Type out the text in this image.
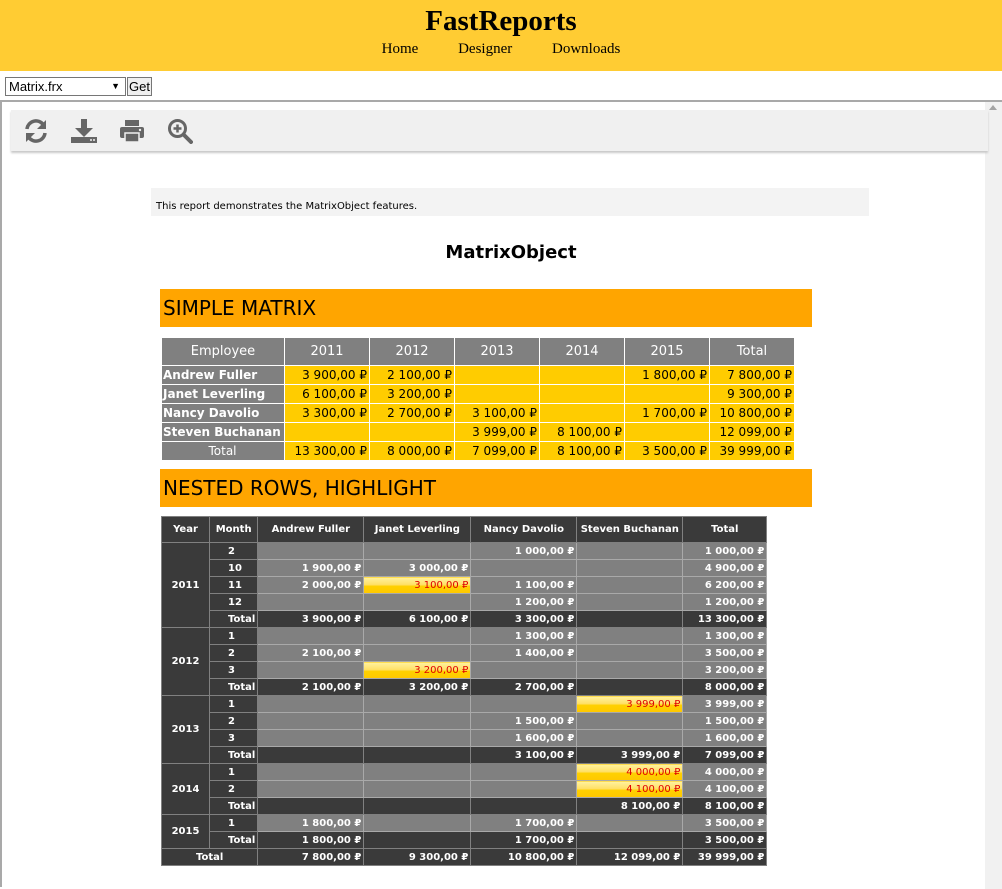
FastReports
Home	Designer	Downloads
Matrix.frx	▼ Get
This report demonstrates the MatrixObject features.
MatrixObject
SIMPLE MATRIX
Employee	2011	2012	2013	2014	2015	Total
Andrew Fuller	3 900,00 ₽	2 100,00 ₽			1 800,00 ₽	7 800,00 ₽
Janet Leverling	6 100,00 ₽	3 200,00 ₽				9 300,00 ₽
Nancy Davolio	3 300,00 ₽	2 700,00 ₽	3 100,00 ₽		1 700,00 ₽	10 800,00 ₽
Steven Buchanan			3 999,00 ₽	8 100,00 ₽		12 099,00 ₽
Total	13 300,00 ₽	8 000,00 ₽	7 099,00 ₽	8 100,00 ₽	3 500,00 ₽	39 999,00 ₽
NESTED ROWS, HIGHLIGHT
Year	Month	Andrew Fuller	Janet Leverling	Nancy Davolio	Steven Buchanan	Total
2011	2			1 000,00 ₽		1 000,00 ₽
	10	1 900,00 ₽	3 000,00 ₽			4 900,00 ₽
	11	2 000,00 ₽	3 100,00 ₽	1 100,00 ₽		6 200,00 ₽
	12			1 200,00 ₽		1 200,00 ₽
	Total	3 900,00 ₽	6 100,00 ₽	3 300,00 ₽		13 300,00 ₽
2012	1			1 300,00 ₽		1 300,00 ₽
	2	2 100,00 ₽		1 400,00 ₽		3 500,00 ₽
	3		3 200,00 ₽			3 200,00 ₽
	Total	2 100,00 ₽	3 200,00 ₽	2 700,00 ₽		8 000,00 ₽
2013	1				3 999,00 ₽	3 999,00 ₽
	2			1 500,00 ₽		1 500,00 ₽
	3			1 600,00 ₽		1 600,00 ₽
	Total			3 100,00 ₽	3 999,00 ₽	7 099,00 ₽
2014	1				4 000,00 ₽	4 000,00 ₽
	2				4 100,00 ₽	4 100,00 ₽
	Total				8 100,00 ₽	8 100,00 ₽
2015	1	1 800,00 ₽		1 700,00 ₽		3 500,00 ₽
	Total	1 800,00 ₽		1 700,00 ₽		3 500,00 ₽
Total		7 800,00 ₽	9 300,00 ₽	10 800,00 ₽	12 099,00 ₽	39 999,00 ₽
